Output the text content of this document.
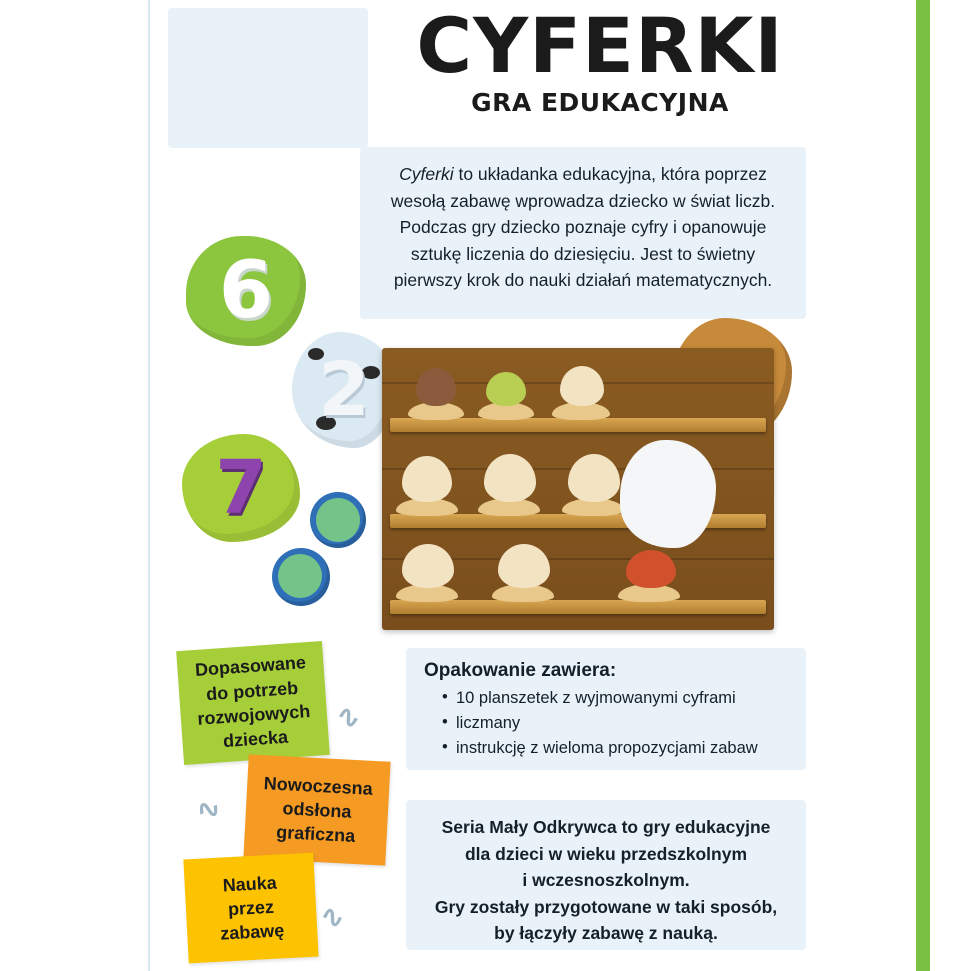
CYFERKI
GRA EDUKACYJNA
Cyferki to układanka edukacyjna, która poprzez wesołą zabawę wprowadza dziecko w świat liczb. Podczas gry dziecko poznaje cyfry i opanowuje sztukę liczenia do dziesięciu. Jest to świetny pierwszy krok do nauki działań matematycznych.
6
2
7
Opakowanie zawiera:
• 10 planszetek z wyjmowanymi cyframi
• liczmany
• instrukcję z wieloma propozycjami zabaw
Seria Mały Odkrywca to gry edukacyjne
dla dzieci w wieku przedszkolnym
i wczesnoszkolnym.
Gry zostały przygotowane w taki sposób,
by łączyły zabawę z nauką.
Dopasowane
do potrzeb
rozwojowych
dziecka
Nowoczesna
odsłona
graficzna
Nauka
przez
zabawę
∿
∿
∿
